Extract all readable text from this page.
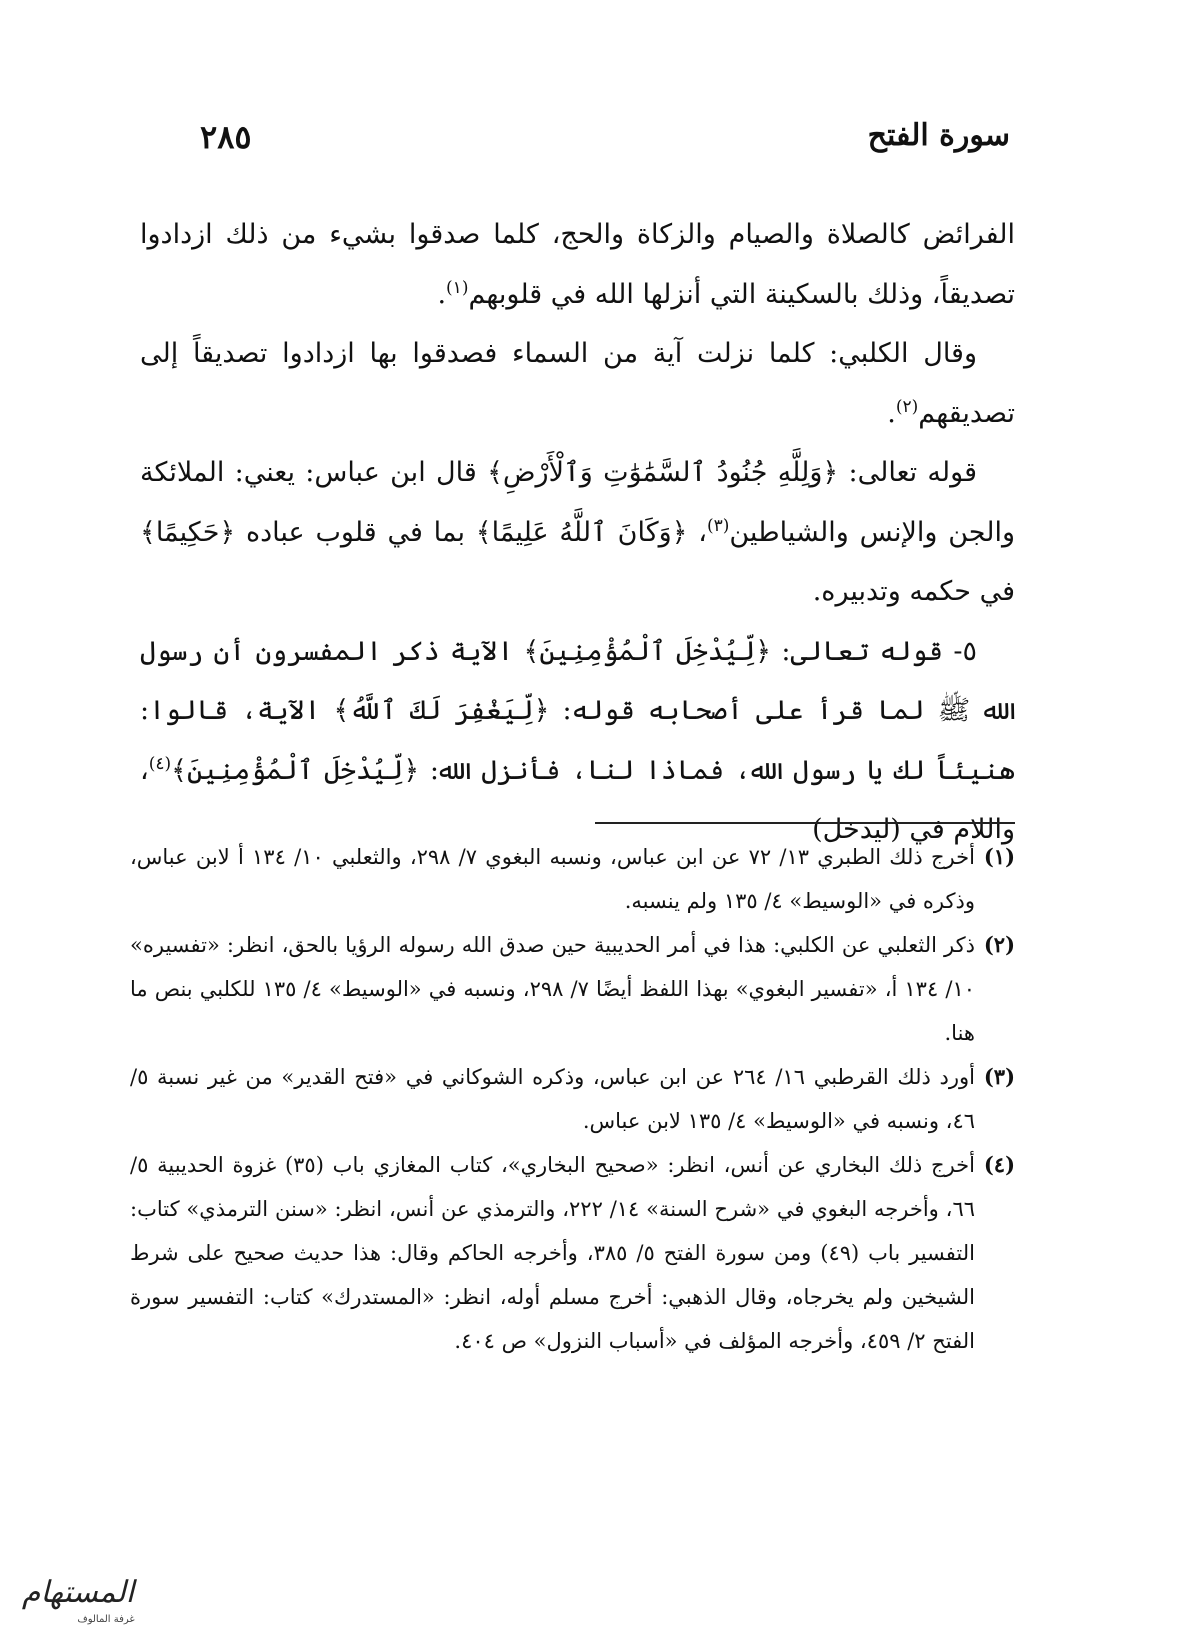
سورة الفتح
٢٨٥

الفرائض كالصلاة والصيام والزكاة والحج، كلما صدقوا بشيء من ذلك ازدادوا تصديقاً، وذلك بالسكينة التي أنزلها الله في قلوبهم$^{(١)}$.

وقال الكلبي: كلما نزلت آية من السماء فصدقوا بها ازدادوا تصديقاً إلى تصديقهم$^{(٢)}$.

قوله تعالى: ﴿وَلِلَّهِ جُنُودُ ٱلسَّمَٰوَٰتِ وَٱلْأَرْضِ﴾ قال ابن عباس: يعني: الملائكة والجن والإنس والشياطين$^{(٣)}$، ﴿وَكَانَ ٱللَّهُ عَلِيمًا﴾ بما في قلوب عباده ﴿حَكِيمًا﴾ في حكمه وتدبيره.

٥- قوله تعالى: ﴿لِّيُدْخِلَ ٱلْمُؤْمِنِينَ﴾ الآية ذكر المفسرون أن رسول الله ﷺ لما قرأ على أصحابه قوله: ﴿لِّيَغْفِرَ لَكَ ٱللَّهُ﴾ الآية، قالوا: هنيئاً لك يا رسول الله، فماذا لنا، فأنزل الله: ﴿لِّيُدْخِلَ ٱلْمُؤْمِنِينَ﴾$^{(٤)}$، واللام في (ليدخل)

(١)
أخرج ذلك الطبري ١٣/ ٧٢ عن ابن عباس، ونسبه البغوي ٧/ ٢٩٨، والثعلبي ١٠/ ١٣٤ أ لابن عباس، وذكره في «الوسيط» ٤/ ١٣٥ ولم ينسبه.
(٢)
ذكر الثعلبي عن الكلبي: هذا في أمر الحديبية حين صدق الله رسوله الرؤيا بالحق، انظر: «تفسيره» ١٠/ ١٣٤ أ، «تفسير البغوي» بهذا اللفظ أيضًا ٧/ ٢٩٨، ونسبه في «الوسيط» ٤/ ١٣٥ للكلبي بنص ما هنا.
(٣)
أورد ذلك القرطبي ١٦/ ٢٦٤ عن ابن عباس، وذكره الشوكاني في «فتح القدير» من غير نسبة ٥/ ٤٦، ونسبه في «الوسيط» ٤/ ١٣٥ لابن عباس.
(٤)
أخرج ذلك البخاري عن أنس، انظر: «صحيح البخاري»، كتاب المغازي باب (٣٥) غزوة الحديبية ٥/ ٦٦، وأخرجه البغوي في «شرح السنة» ١٤/ ٢٢٢، والترمذي عن أنس، انظر: «سنن الترمذي» كتاب: التفسير باب (٤٩) ومن سورة الفتح ٥/ ٣٨٥، وأخرجه الحاكم وقال: هذا حديث صحيح على شرط الشيخين ولم يخرجاه، وقال الذهبي: أخرج مسلم أوله، انظر: «المستدرك» كتاب: التفسير سورة الفتح ٢/ ٤٥٩، وأخرجه المؤلف في «أسباب النزول» ص ٤٠٤.
المستهام
غرفة المالوف
